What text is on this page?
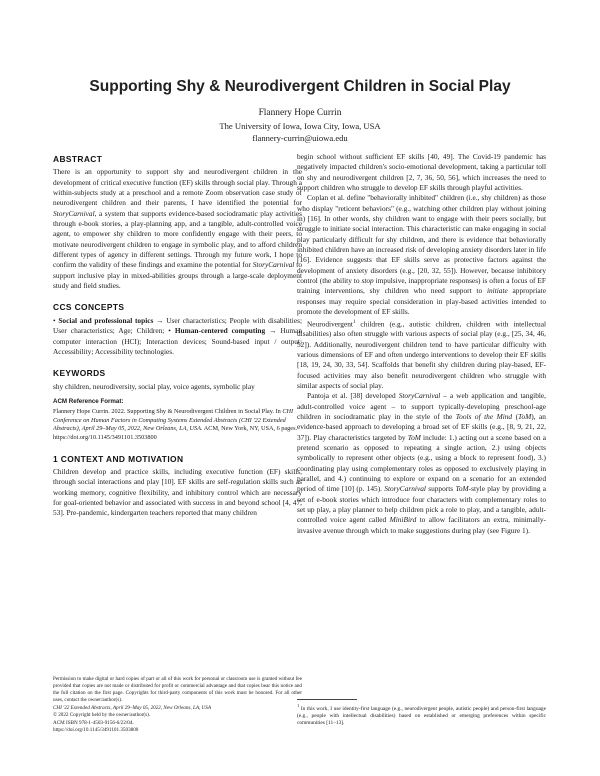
Supporting Shy & Neurodivergent Children in Social Play
Flannery Hope Currin
The University of Iowa, Iowa City, Iowa, USA
flannery-currin@uiowa.edu
ABSTRACT
There is an opportunity to support shy and neurodivergent children in the development of critical executive function (EF) skills through social play. Through a within-subjects study at a preschool and a remote Zoom observation case study of neurodivergent children and their parents, I have identified the potential for StoryCarnival, a system that supports evidence-based sociodramatic play activities through e-book stories, a play-planning app, and a tangible, adult-controlled voice agent, to empower shy children to more confidently engage with their peers, to motivate neurodivergent children to engage in symbolic play, and to afford children different types of agency in different settings. Through my future work, I hope to confirm the validity of these findings and examine the potential for StoryCarnival to support inclusive play in mixed-abilities groups through a large-scale deployment study and field studies.
CCS CONCEPTS
• Social and professional topics → User characteristics; People with disabilities; User characteristics; Age; Children; • Human-centered computing → Human computer interaction (HCI); Interaction devices; Sound-based input / output; Accessibility; Accessibility technologies.
KEYWORDS
shy children, neurodiversity, social play, voice agents, symbolic play
ACM Reference Format:
Flannery Hope Currin. 2022. Supporting Shy & Neurodivergent Children in Social Play. In CHI Conference on Human Factors in Computing Systems Extended Abstracts (CHI '22 Extended Abstracts), April 29–May 05, 2022, New Orleans, LA, USA. ACM, New York, NY, USA, 6 pages. https://doi.org/10.1145/3491101.3503800
1 CONTEXT AND MOTIVATION
Children develop and practice skills, including executive function (EF) skills, through social interactions and play [10]. EF skills are self-regulation skills such as working memory, cognitive flexibility, and inhibitory control which are necessary for goal-oriented behavior and associated with success in and beyond school [4, 47, 53]. Pre-pandemic, kindergarten teachers reported that many children
begin school without sufficient EF skills [40, 49]. The Covid-19 pandemic has negatively impacted children's socio-emotional development, taking a particular toll on shy and neurodivergent children [2, 7, 36, 50, 56], which increases the need to support children who struggle to develop EF skills through playful activities.
Coplan et al. define "behaviorally inhibited" children (i.e., shy children) as those who display "reticent behaviors" (e.g., watching other children play without joining in) [16]. In other words, shy children want to engage with their peers socially, but struggle to initiate social interaction. This characteristic can make engaging in social play particularly difficult for shy children, and there is evidence that behaviorally inhibited children have an increased risk of developing anxiety disorders later in life [16]. Evidence suggests that EF skills serve as protective factors against the development of anxiety disorders (e.g., [20, 32, 55]). However, because inhibitory control (the ability to stop impulsive, inappropriate responses) is often a focus of EF training interventions, shy children who need support to initiate appropriate responses may require special consideration in play-based activities intended to promote the development of EF skills.
Neurodivergent$^1$ children (e.g., autistic children, children with intellectual disabilities) also often struggle with various aspects of social play (e.g., [25, 34, 46, 52]). Additionally, neurodivergent children tend to have particular difficulty with various dimensions of EF and often undergo interventions to develop their EF skills [18, 19, 24, 30, 33, 54]. Scaffolds that benefit shy children during play-based, EF-focused activities may also benefit neurodivergent children who struggle with similar aspects of social play.
Pantoja et al. [38] developed StoryCarnival – a web application and tangible, adult-controlled voice agent – to support typically-developing preschool-age children in sociodramatic play in the style of the Tools of the Mind (ToM), an evidence-based approach to developing a broad set of EF skills (e.g., [8, 9, 21, 22, 37]). Play characteristics targeted by ToM include: 1.) acting out a scene based on a pretend scenario as opposed to repeating a single action, 2.) using objects symbolically to represent other objects (e.g., using a block to represent food), 3.) coordinating play using complementary roles as opposed to exclusively playing in parallel, and 4.) continuing to explore or expand on a scenario for an extended period of time [10] (p. 145). StoryCarnival supports ToM-style play by providing a set of e-book stories which introduce four characters with complementary roles to set up play, a play planner to help children pick a role to play, and a tangible, adult-controlled voice agent called MiniBird to allow facilitators an extra, minimally-invasive avenue through which to make suggestions during play (see Figure 1).
Permission to make digital or hard copies of part or all of this work for personal or classroom use is granted without fee provided that copies are not made or distributed for profit or commercial advantage and that copies bear this notice and the full citation on the first page. Copyrights for third-party components of this work must be honored. For all other uses, contact the owner/author(s).
CHI '22 Extended Abstracts, April 29–May 05, 2022, New Orleans, LA, USA
© 2022 Copyright held by the owner/author(s).
ACM ISBN 978-1-4503-9156-6/22/04.
https://doi.org/10.1145/3491101.3503800
$^1$ In this work, I use identity-first language (e.g., neurodivergent people, autistic people) and person-first language (e.g., people with intellectual disabilities) based on established or emerging preferences within specific communities [11–13].
